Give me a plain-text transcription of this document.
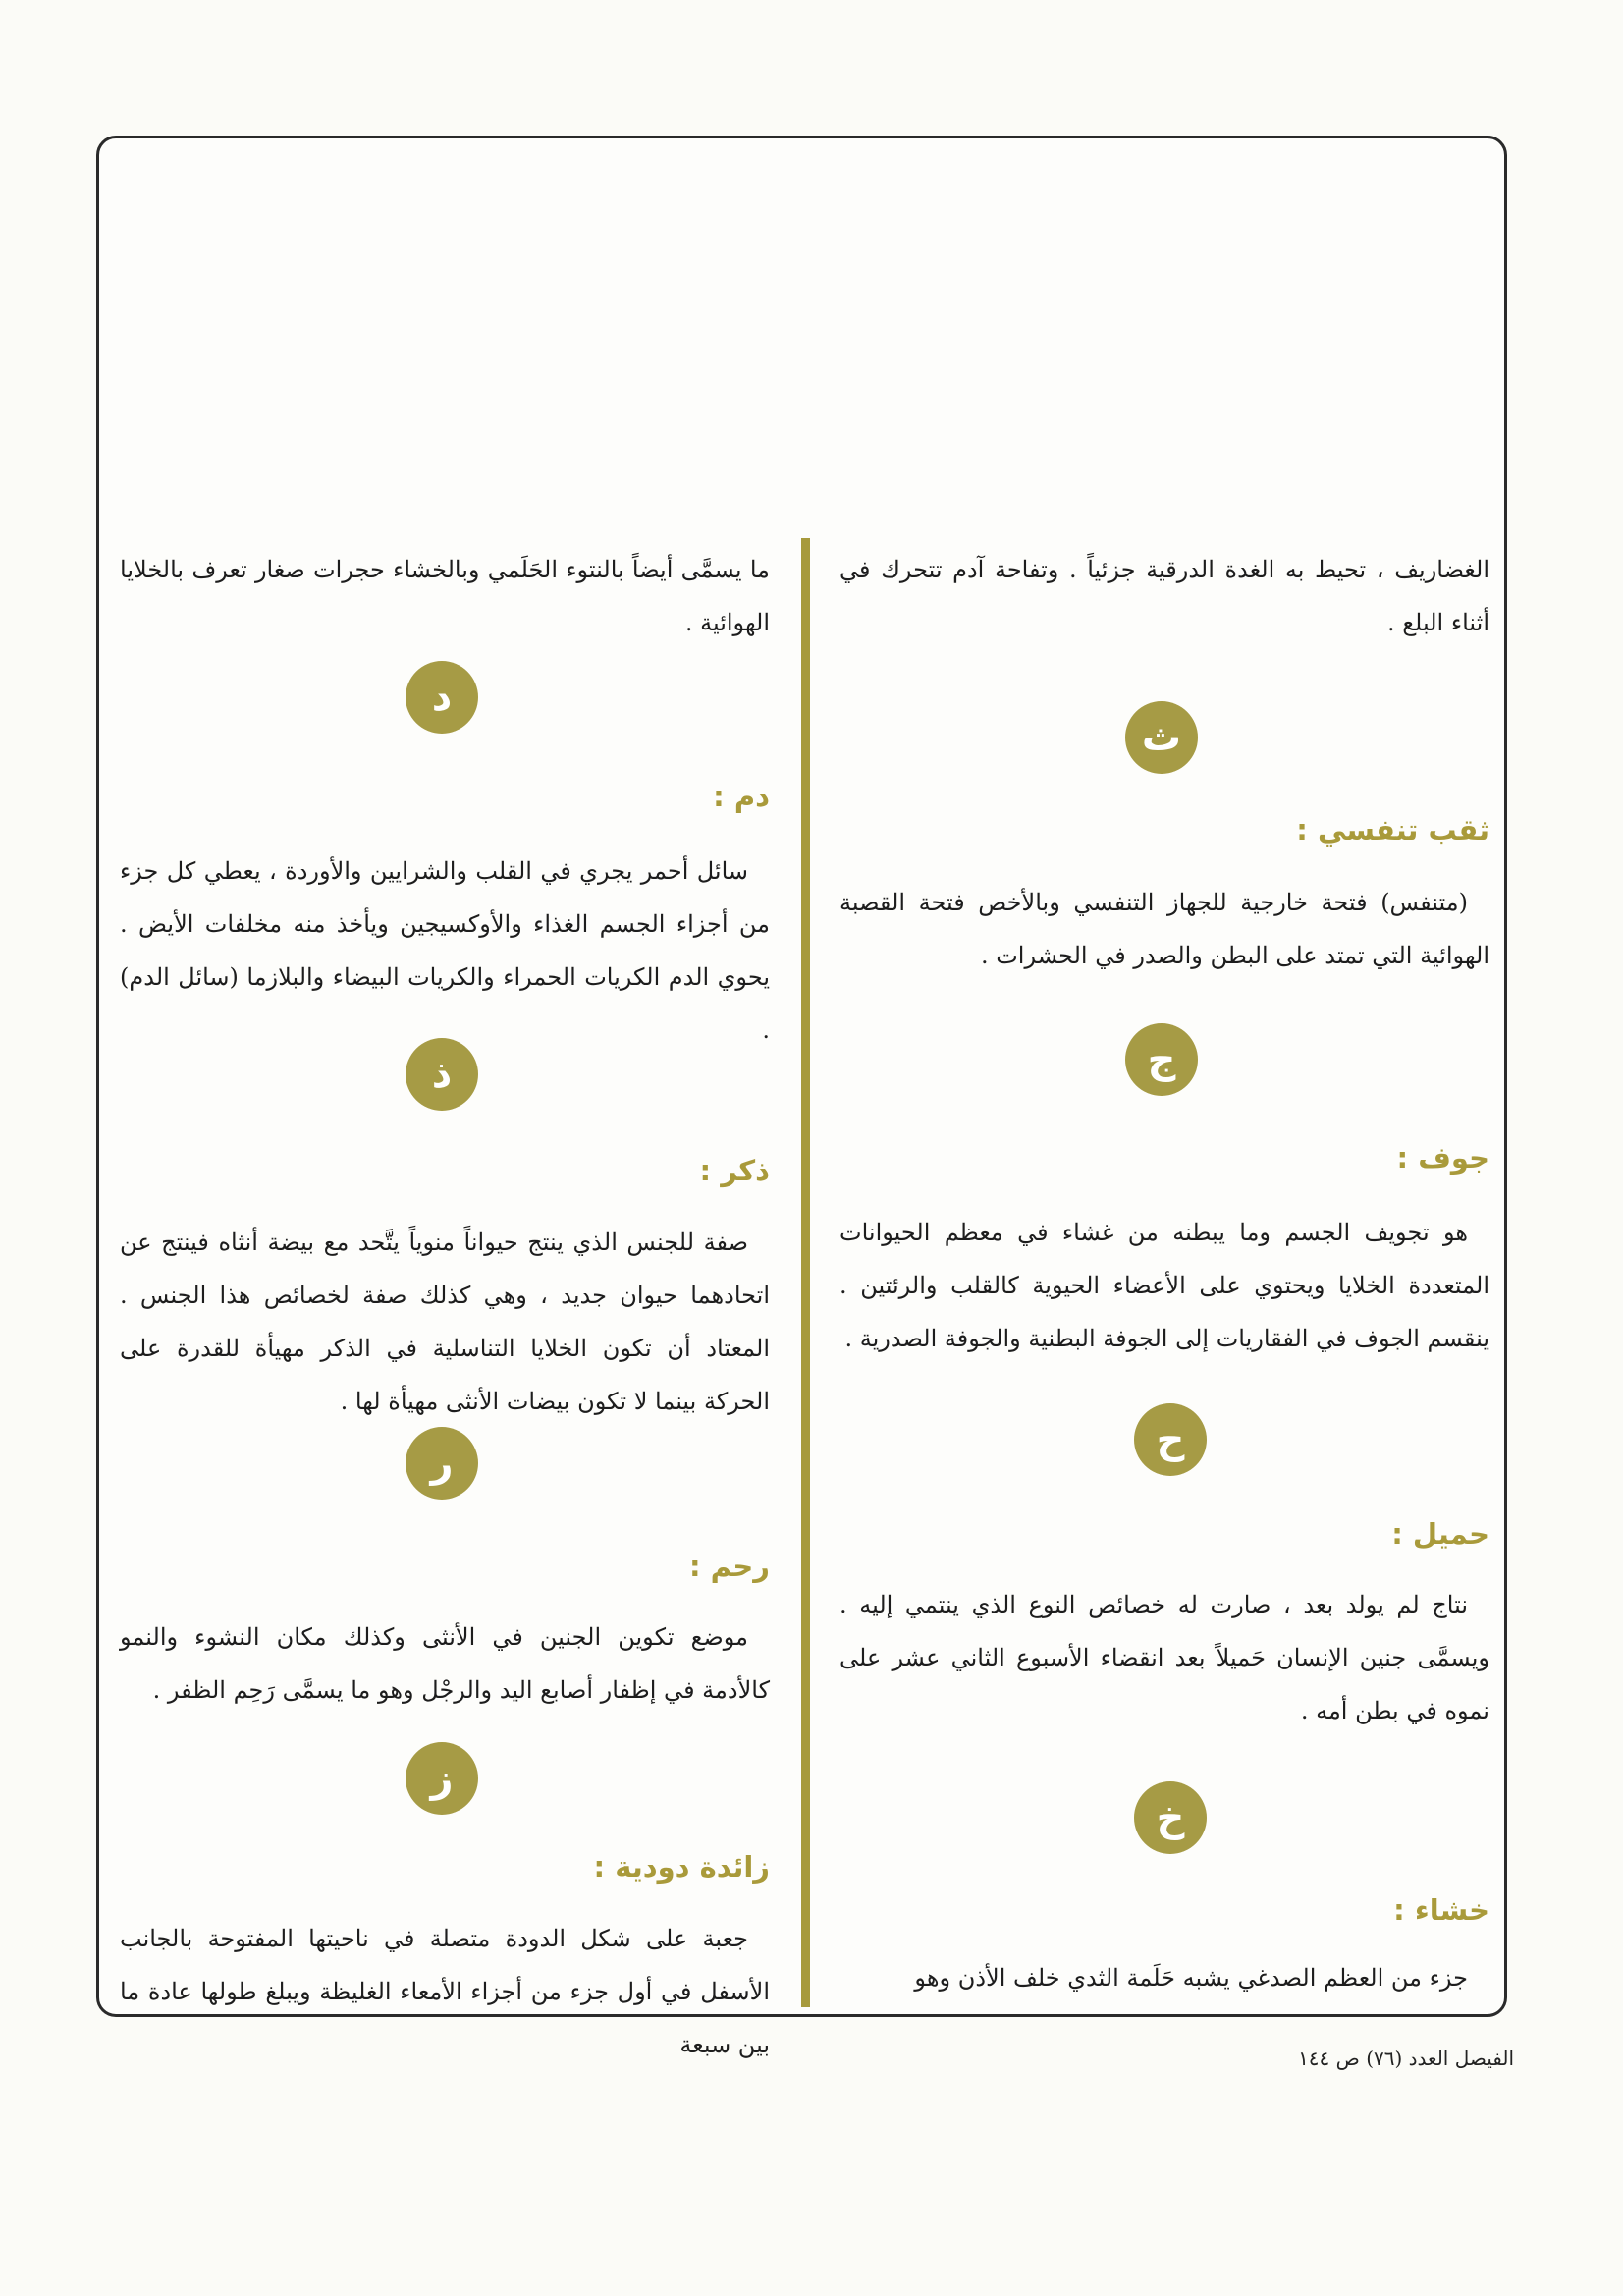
الغضاريف ، تحيط به الغدة الدرقية جزئياً . وتفاحة آدم تتحرك في أثناء البلع .

ث

ثقب تنفسي :

(متنفس) فتحة خارجية للجهاز التنفسي وبالأخص فتحة القصبة الهوائية التي تمتد على البطن والصدر في الحشرات .

ج

جوف :

هو تجويف الجسم وما يبطنه من غشاء في معظم الحيوانات المتعددة الخلايا ويحتوي على الأعضاء الحيوية كالقلب والرئتين . ينقسم الجوف في الفقاريات إلى الجوفة البطنية والجوفة الصدرية .

ح

حميل :

نتاج لم يولد بعد ، صارت له خصائص النوع الذي ينتمي إليه . ويسمَّى جنين الإنسان حَميلاً بعد انقضاء الأسبوع الثاني عشر على نموه في بطن أمه .

خ

خشاء :

جزء من العظم الصدغي يشبه حَلَمة الثدي خلف الأذن وهو

ما يسمَّى أيضاً بالنتوء الحَلَمي وبالخشاء حجرات صغار تعرف بالخلايا الهوائية .

د

دم :

سائل أحمر يجري في القلب والشرايين والأوردة ، يعطي كل جزء من أجزاء الجسم الغذاء والأوكسيجين ويأخذ منه مخلفات الأيض . يحوي الدم الكريات الحمراء والكريات البيضاء والبلازما (سائل الدم) .

ذ

ذكر :

صفة للجنس الذي ينتج حيواناً منوياً يتَّحد مع بيضة أنثاه فينتج عن اتحادهما حيوان جديد ، وهي كذلك صفة لخصائص هذا الجنس . المعتاد أن تكون الخلايا التناسلية في الذكر مهيأة للقدرة على الحركة بينما لا تكون بيضات الأنثى مهيأة لها .

ر

رحم :

موضع تكوين الجنين في الأنثى وكذلك مكان النشوء والنمو كالأدمة في إظفار أصابع اليد والرجْل وهو ما يسمَّى رَحِم الظفر .

ز

زائدة دودية :

جعبة على شكل الدودة متصلة في ناحيتها المفتوحة بالجانب الأسفل في أول جزء من أجزاء الأمعاء الغليظة ويبلغ طولها عادة ما بين سبعة	الفيصل العدد (٧٦) ص ١٤٤
